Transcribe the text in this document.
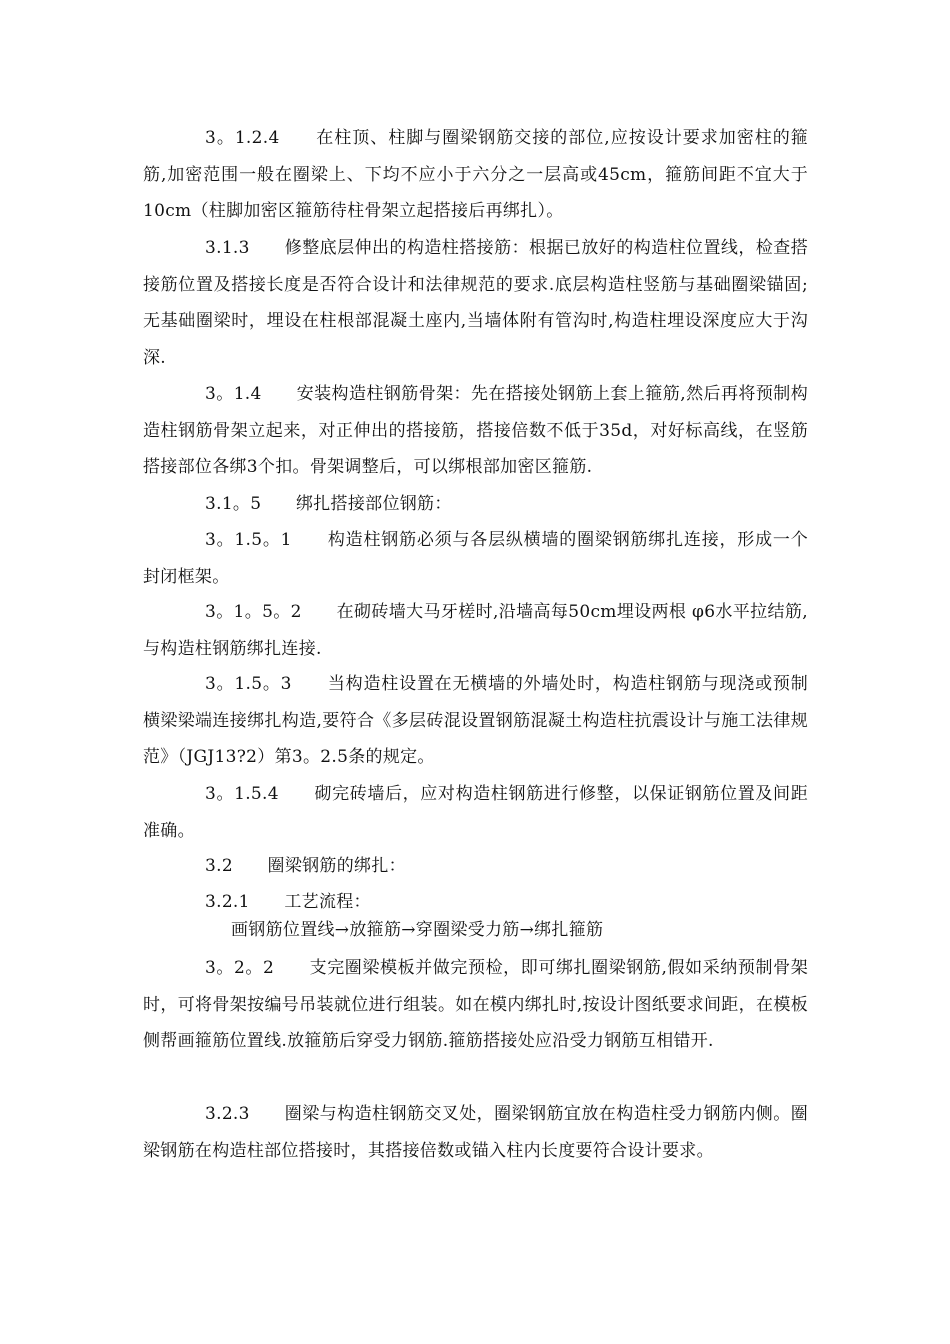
3。1.2.4　　在柱顶、柱脚与圈梁钢筋交接的部位,应按设计要求加密柱的箍筋,加密范围一般在圈梁上、下均不应小于六分之一层高或45cm，箍筋间距不宜大于10cm（柱脚加密区箍筋待柱骨架立起搭接后再绑扎）。

3.1.3　　修整底层伸出的构造柱搭接筋：根据已放好的构造柱位置线，检查搭接筋位置及搭接长度是否符合设计和法律规范的要求.底层构造柱竖筋与基础圈梁锚固;无基础圈梁时，埋设在柱根部混凝土座内,当墙体附有管沟时,构造柱埋设深度应大于沟深.

3。1.4　　安装构造柱钢筋骨架：先在搭接处钢筋上套上箍筋,然后再将预制构造柱钢筋骨架立起来，对正伸出的搭接筋，搭接倍数不低于35d，对好标高线，在竖筋搭接部位各绑3个扣。骨架调整后，可以绑根部加密区箍筋.

3.1。5　　绑扎搭接部位钢筋：

3。1.5。1　　构造柱钢筋必须与各层纵横墙的圈梁钢筋绑扎连接，形成一个封闭框架。

3。1。5。2　　在砌砖墙大马牙槎时,沿墙高每50cm埋设两根 φ6水平拉结筋,与构造柱钢筋绑扎连接.

3。1.5。3　　当构造柱设置在无横墙的外墙处时，构造柱钢筋与现浇或预制横梁梁端连接绑扎构造,要符合《多层砖混设置钢筋混凝土构造柱抗震设计与施工法律规范》（JGJ13?2）第3。2.5条的规定。

3。1.5.4　　砌完砖墙后，应对构造柱钢筋进行修整，以保证钢筋位置及间距准确。

3.2　　圈梁钢筋的绑扎：

3.2.1　　工艺流程：

画钢筋位置线→放箍筋→穿圈梁受力筋→绑扎箍筋

3。2。2　　支完圈梁模板并做完预检，即可绑扎圈梁钢筋,假如采纳预制骨架时，可将骨架按编号吊装就位进行组装。如在模内绑扎时,按设计图纸要求间距，在模板侧帮画箍筋位置线.放箍筋后穿受力钢筋.箍筋搭接处应沿受力钢筋互相错开.

3.2.3　　圈梁与构造柱钢筋交叉处，圈梁钢筋宜放在构造柱受力钢筋内侧。圈梁钢筋在构造柱部位搭接时，其搭接倍数或锚入柱内长度要符合设计要求。
